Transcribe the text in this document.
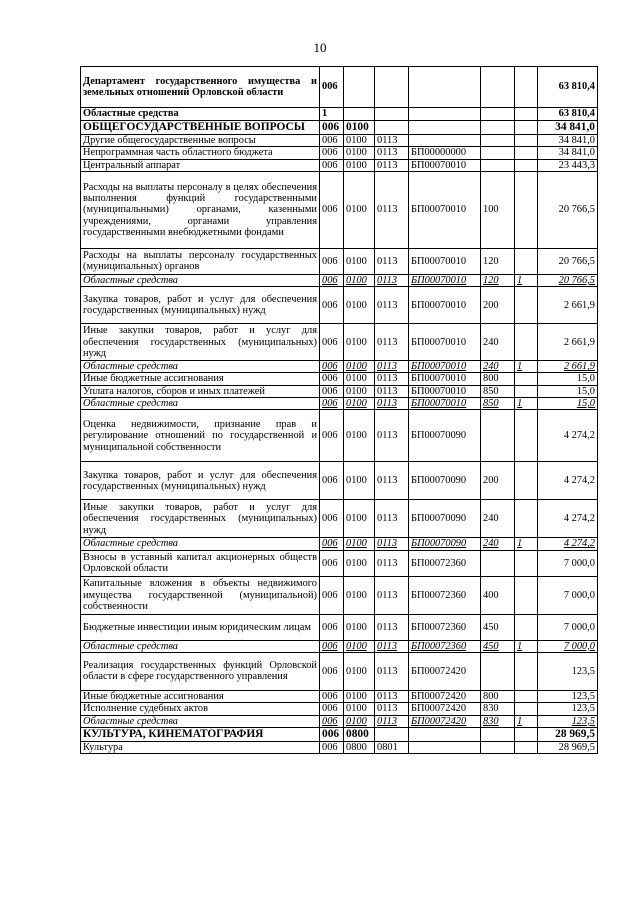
10
Департамент государственного имущества и земельных отношений Орловской области	006						63 810,4
Областные средства	1						63 810,4
ОБЩЕГОСУДАРСТВЕННЫЕ ВОПРОСЫ	006	0100					34 841,0
Другие общегосударственные вопросы	006	0100	0113				34 841,0
Непрограммная часть областного бюджета	006	0100	0113	БП00000000			34 841,0
Центральный аппарат	006	0100	0113	БП00070010			23 443,3
Расходы на выплаты персоналу в целях обеспечения выполнения функций государственными (муниципальными) органами, казенными учреждениями, органами управления государственными внебюджетными фондами	006	0100	0113	БП00070010	100		20 766,5
Расходы на выплаты персоналу государственных (муниципальных) органов	006	0100	0113	БП00070010	120		20 766,5
Областные средства	006	0100	0113	БП00070010	120	1	20 766,5
Закупка товаров, работ и услуг для обеспечения государственных (муниципальных) нужд	006	0100	0113	БП00070010	200		2 661,9
Иные закупки товаров, работ и услуг для обеспечения государственных (муниципальных) нужд	006	0100	0113	БП00070010	240		2 661,9
Областные средства	006	0100	0113	БП00070010	240	1	2 661,9
Иные бюджетные ассигнования	006	0100	0113	БП00070010	800		15,0
Уплата налогов, сборов и иных платежей	006	0100	0113	БП00070010	850		15,0
Областные средства	006	0100	0113	БП00070010	850	1	15,0
Оценка недвижимости, признание прав и регулирование отношений по государственной и муниципальной собственности	006	0100	0113	БП00070090			4 274,2
Закупка товаров, работ и услуг для обеспечения государственных (муниципальных) нужд	006	0100	0113	БП00070090	200		4 274,2
Иные закупки товаров, работ и услуг для обеспечения государственных (муниципальных) нужд	006	0100	0113	БП00070090	240		4 274,2
Областные средства	006	0100	0113	БП00070090	240	1	4 274,2
Взносы в уставный капитал акционерных обществ Орловской области	006	0100	0113	БП00072360			7 000,0
Капитальные вложения в объекты недвижимого имущества государственной (муниципальной) собственности	006	0100	0113	БП00072360	400		7 000,0
Бюджетные инвестиции иным юридическим лицам	006	0100	0113	БП00072360	450		7 000,0
Областные средства	006	0100	0113	БП00072360	450	1	7 000,0
Реализация государственных функций Орловской области в сфере государственного управления	006	0100	0113	БП00072420			123,5
Иные бюджетные ассигнования	006	0100	0113	БП00072420	800		123,5
Исполнение судебных актов	006	0100	0113	БП00072420	830		123,5
Областные средства	006	0100	0113	БП00072420	830	1	123,5
КУЛЬТУРА, КИНЕМАТОГРАФИЯ	006	0800					28 969,5
Культура	006	0800	0801				28 969,5
